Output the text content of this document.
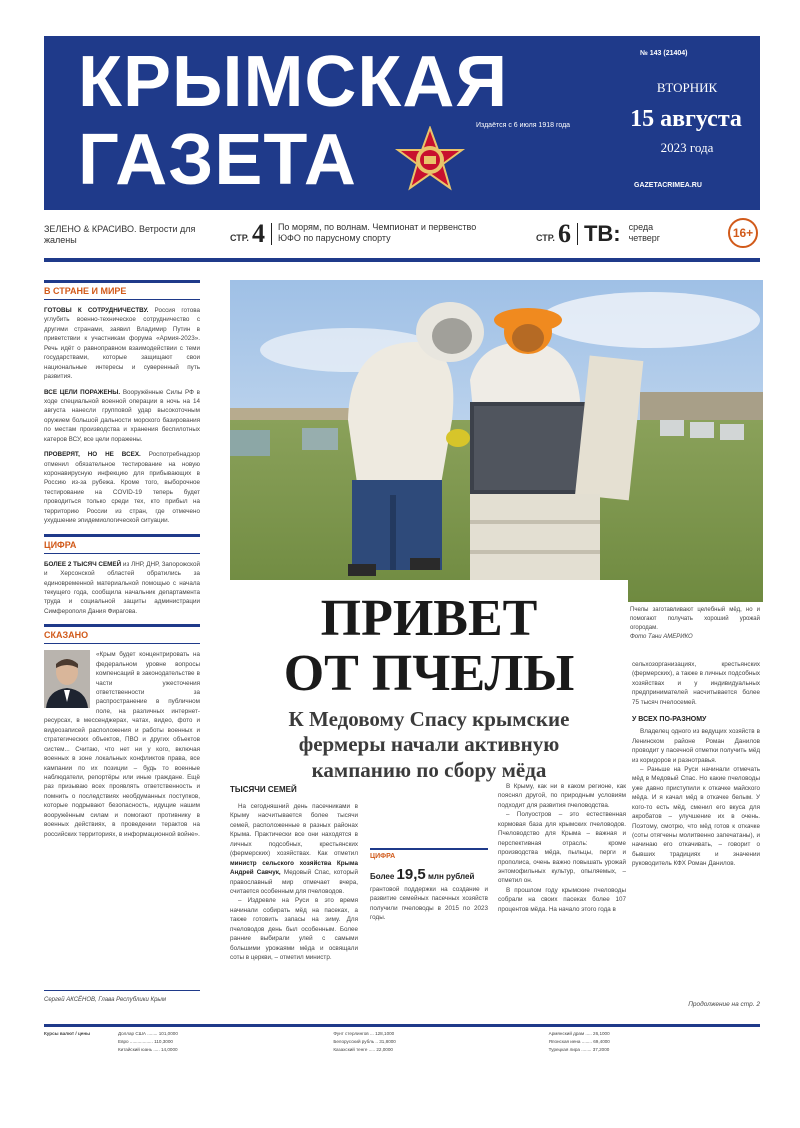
КРЫМСКАЯ
ГАЗЕТА	Издаётся с 6 июля 1918 года
№ 143 (21404)
ВТОРНИК
15 августа
2023 года
GAZETACRIMEA.RU
ЗЕЛЕНО & КРАСИВО. Ветрости для жалены	СТР. 4 По морям, по волнам. Чемпионат и первенство ЮФО по парусному спорту	СТР. 6 ТВ: среда четверг	16+
В СТРАНЕ И МИРЕ

ГОТОВЫ К СОТРУДНИЧЕСТВУ. Россия готова углубить военно-техническое сотрудничество с другими странами, заявил Владимир Путин в приветствии к участникам форума «Армия-2023». Речь идёт о равноправном взаимодействии с теми государствами, которые защищают свои национальные интересы и суверенный путь развития.

ВСЕ ЦЕЛИ ПОРАЖЕНЫ. Вооружённые Силы РФ в ходе специальной военной операции в ночь на 14 августа нанесли групповой удар высокоточным оружием большой дальности морского базирования по местам производства и хранения беспилотных катеров ВСУ, все цели поражены.

ПРОВЕРЯТ, НО НЕ ВСЕХ. Роспотребнадзор отменил обязательное тестирование на новую коронавирусную инфекцию для прибывающих в Россию из-за рубежа. Кроме того, выборочное тестирование на COVID-19 теперь будет проводиться только среди тех, кто прибыл на территорию России из стран, где отмечено ухудшение эпидемиологической ситуации.

ЦИФРА

БОЛЕЕ 2 ТЫСЯЧ СЕМЕЙ из ЛНР, ДНР, Запорожской и Херсонской областей обратились за единовременной материальной помощью с начала текущего года, сообщила начальник департамента труда и социальной защиты администрации Симферополя Дания Фирагова.

СКАЗАНО

«Крым будет концентрировать на федеральном уровне вопросы компенсаций в законодательстве в части ужесточения ответственности за распространение в публичном поле, на различных интернет-ресурсах, в мессенджерах, чатах, видео, фото и видеозаписей расположения и работы военных и стратегических объектов, ПВО и других объектов систем... Считаю, что нет ни у кого, включая военных в зоне локальных конфликтов права, все кампании по их позиции – будь то военные наблюдатели, репортёры или иные граждане. Ещё раз призываю всех проявлять ответственность и помнить о последствиях необдуманных поступков, которые подрывают безопасность, идущие нашим вооружённым силам и помогают противнику в военных действиях, в проведении терактов на российских территориях, в информационной войне».

Сергей АКСЁНОВ, Глава Республики Крым
ПРИВЕТ
ОТ ПЧЕЛЫ
К Медовому Спасу крымские
фермеры начали активную
кампанию по сбору мёда
Пчелы заготавливают целебный мёд, но и помогают получать хороший урожай огородам.
Фото Тани АМЕРИКО
ТЫСЯЧИ СЕМЕЙ

На сегодняшний день пасечниками в Крыму насчитывается более тысячи семей, расположенные в разных районах Крыма. Практически все они находятся в личных подсобных, крестьянских (фермерских) хозяйствах. Как отметил министр сельского хозяйства Крыма Андрей Савчук, Медовый Спас, который православный мир отмечает вчера, считается особенным для пчеловодов.

– Издревле на Руси в это время начинали собирать мёд на пасеках, а также готовить запасы на зиму. Для пчеловодов день был особенным. Более ранние выбирали улей с самыми большими урожаями мёда и освящали соты в церкви, – отметил министр.

ЦИФРА
Более 19,5 млн рублей

грантовой поддержки на создание и развитие семейных пасечных хозяйств получили пчеловоды в 2015 по 2023 годы.

В Крыму, как ни в каком регионе, как пояснял другой, по природным условиям подходит для развития пчеловодства.

– Полуостров – это естественная кормовая база для крымских пчеловодов. Пчеловодство для Крыма – важная и перспективная отрасль: кроме производства мёда, пыльцы, перги и прополиса, очень важно повышать урожай энтомофильных культур, опыляемых, – отметил он.

В прошлом году крымские пчеловоды собрали на своих пасеках более 107 процентов мёда. На начало этого года в

сельхозорганизациях, крестьянских (фермерских), а также в личных подсобных хозяйствах и у индивидуальных предпринимателей насчитывается более 75 тысяч пчелосемей.

У ВСЕХ ПО-РАЗНОМУ

Владелец одного из ведущих хозяйств в Ленинском районе Роман Данилов проводит у пасечной отметки получить мёд из коридоров и разнотравья.

– Раньше на Руси начинали отмечать мёд в Медовый Спас. Но какие пчеловоды уже давно приступили к откачке майского мёда. И я качал мёд в откачке белым. У кого-то есть мёд, сменил его вкуса для акробатов – улучшение их в очень. Поэтому, смотрю, что мёд готов к откачке (соты отягчены молитвенно запечатаны), и начинаю его откачивать, – говорит о бывших традициях и значении руководитель КФХ Роман Данилов.

Продолжение на стр. 2
Курсы валют / цены	Доллар США ........ 101,0000
Евро .................. 110,3000
Китайский юань ..... 14,0000
Фунт стерлингов ... 128,1000
Белорусский рубль .. 31,8000
Казахский тенге ..... 22,0000
Армянский драм ..... 26,1000
Японская иена ........ 69,4000
Турецкая лира ........ 37,2000
